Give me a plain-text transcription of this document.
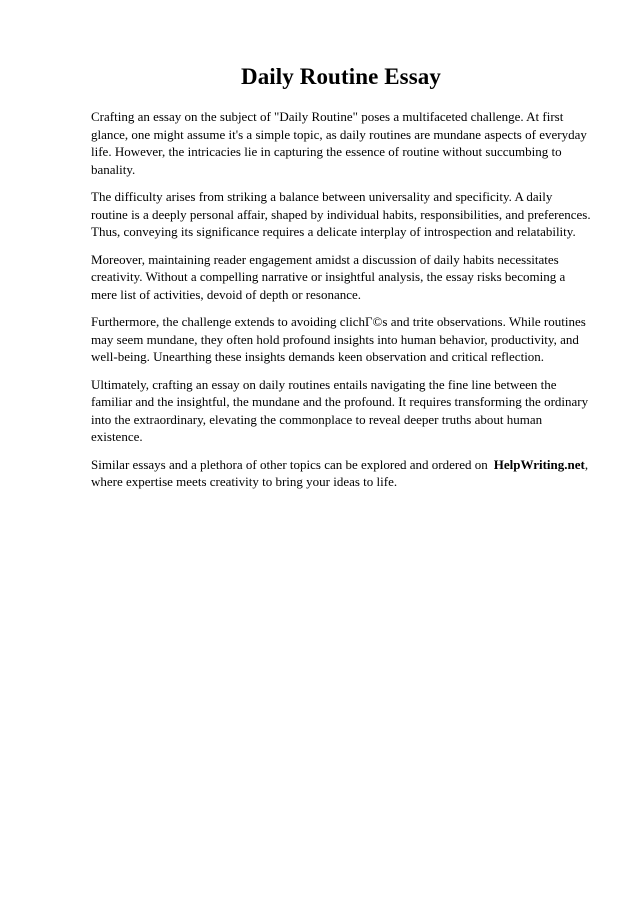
Daily Routine Essay

Crafting an essay on the subject of "Daily Routine" poses a multifaceted challenge. At first glance, one might assume it's a simple topic, as daily routines are mundane aspects of everyday life. However, the intricacies lie in capturing the essence of routine without succumbing to banality.

The difficulty arises from striking a balance between universality and specificity. A daily routine is a deeply personal affair, shaped by individual habits, responsibilities, and preferences. Thus, conveying its significance requires a delicate interplay of introspection and relatability.

Moreover, maintaining reader engagement amidst a discussion of daily habits necessitates creativity. Without a compelling narrative or insightful analysis, the essay risks becoming a mere list of activities, devoid of depth or resonance.

Furthermore, the challenge extends to avoiding clichГ©s and trite observations. While routines may seem mundane, they often hold profound insights into human behavior, productivity, and well-being. Unearthing these insights demands keen observation and critical reflection.

Ultimately, crafting an essay on daily routines entails navigating the fine line between the familiar and the insightful, the mundane and the profound. It requires transforming the ordinary into the extraordinary, elevating the commonplace to reveal deeper truths about human existence.

Similar essays and a plethora of other topics can be explored and ordered on HelpWriting.net, where expertise meets creativity to bring your ideas to life.
